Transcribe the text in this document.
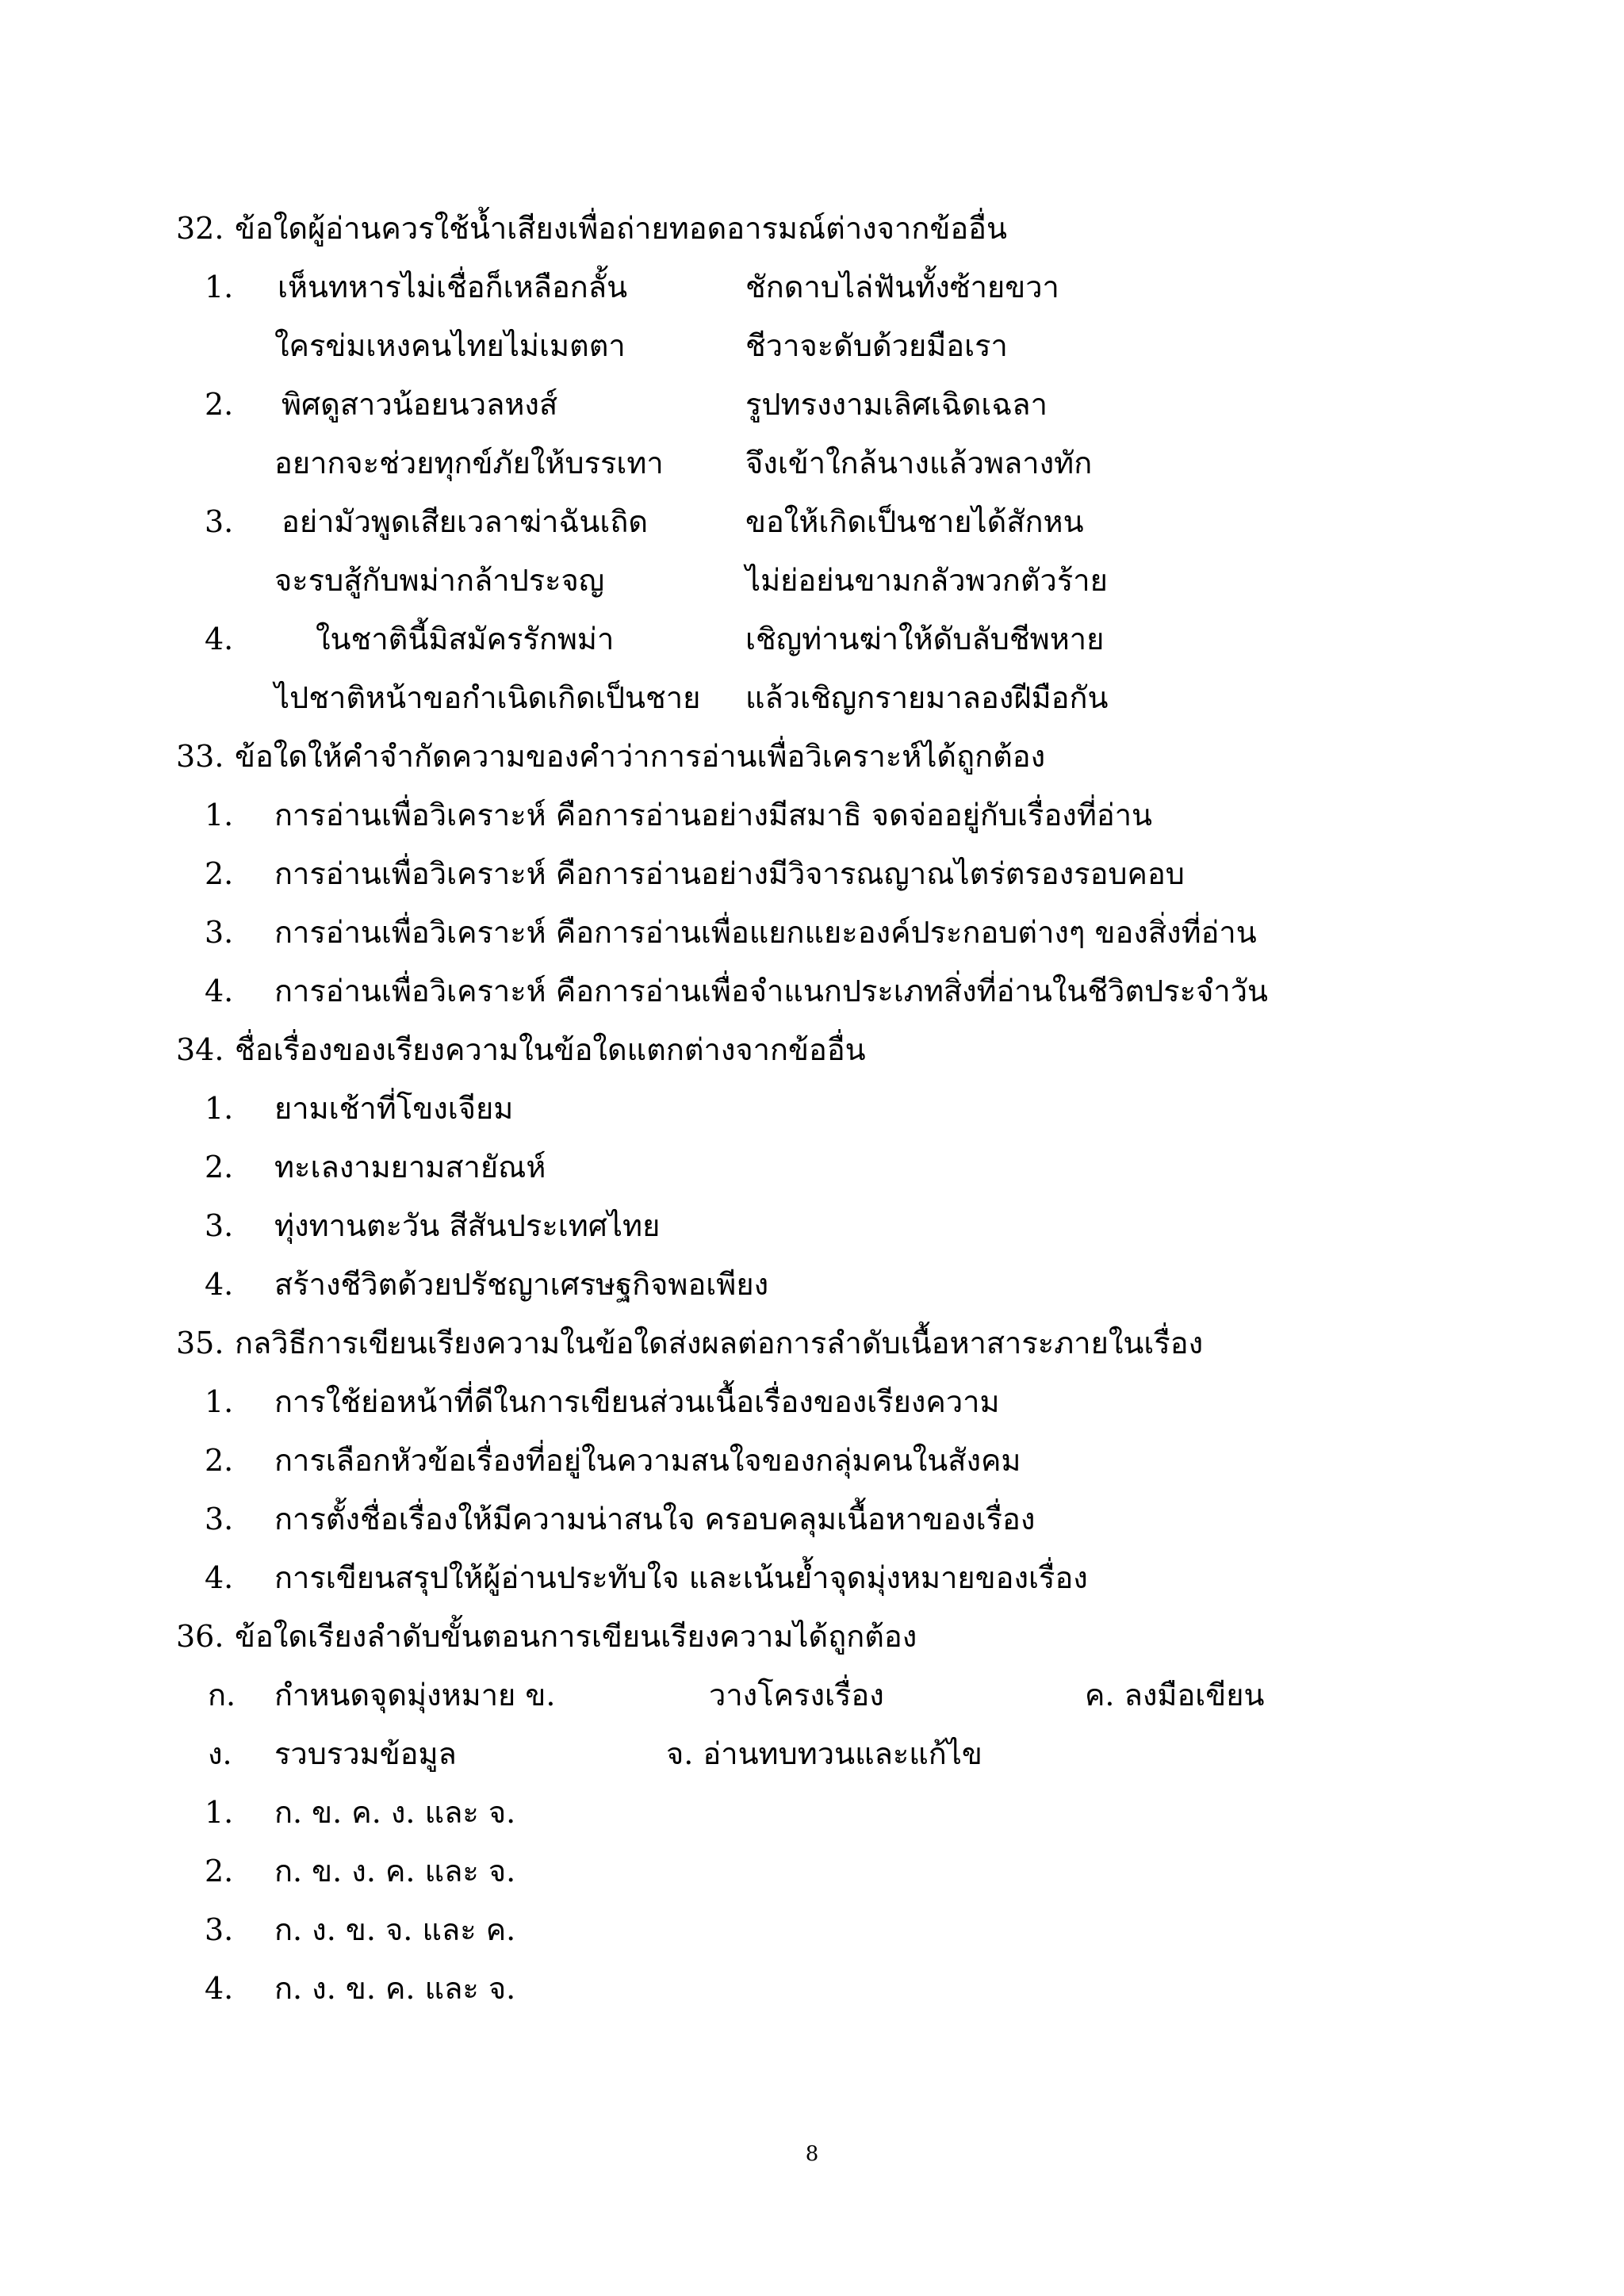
32. ข้อใดผู้อ่านควรใช้น้ำเสียงเพื่อถ่ายทอดอารมณ์ต่างจากข้ออื่น
1. เห็นทหารไม่เชื่อก็เหลือกลั้น	ชักดาบไล่ฟันทั้งซ้ายขวา
ใครข่มเหงคนไทยไม่เมตตา	ชีวาจะดับด้วยมือเรา
2. พิศดูสาวน้อยนวลหงส์	รูปทรงงามเลิศเฉิดเฉลา
อยากจะช่วยทุกข์ภัยให้บรรเทา	จึงเข้าใกล้นางแล้วพลางทัก
3. อย่ามัวพูดเสียเวลาฆ่าฉันเถิด	ขอให้เกิดเป็นชายได้สักหน
จะรบสู้กับพม่ากล้าประจญ	ไม่ย่อย่นขามกลัวพวกตัวร้าย
4.	ในชาตินี้มิสมัครรักพม่า	เชิญท่านฆ่าให้ดับลับชีพหาย
ไปชาติหน้าขอกำเนิดเกิดเป็นชาย แล้วเชิญกรายมาลองฝีมือกัน
33. ข้อใดให้คำจำกัดความของคำว่าการอ่านเพื่อวิเคราะห์ได้ถูกต้อง
1. การอ่านเพื่อวิเคราะห์ คือการอ่านอย่างมีสมาธิ จดจ่ออยู่กับเรื่องที่อ่าน
2. การอ่านเพื่อวิเคราะห์ คือการอ่านอย่างมีวิจารณญาณไตร่ตรองรอบคอบ
3. การอ่านเพื่อวิเคราะห์ คือการอ่านเพื่อแยกแยะองค์ประกอบต่างๆ ของสิ่งที่อ่าน
4. การอ่านเพื่อวิเคราะห์ คือการอ่านเพื่อจำแนกประเภทสิ่งที่อ่านในชีวิตประจำวัน
34. ชื่อเรื่องของเรียงความในข้อใดแตกต่างจากข้ออื่น
1. ยามเช้าที่โขงเจียม
2. ทะเลงามยามสายัณห์
3. ทุ่งทานตะวัน สีสันประเทศไทย
4. สร้างชีวิตด้วยปรัชญาเศรษฐกิจพอเพียง
35. กลวิธีการเขียนเรียงความในข้อใดส่งผลต่อการลำดับเนื้อหาสาระภายในเรื่อง
1. การใช้ย่อหน้าที่ดีในการเขียนส่วนเนื้อเรื่องของเรียงความ
2. การเลือกหัวข้อเรื่องที่อยู่ในความสนใจของกลุ่มคนในสังคม
3. การตั้งชื่อเรื่องให้มีความน่าสนใจ ครอบคลุมเนื้อหาของเรื่อง
4. การเขียนสรุปให้ผู้อ่านประทับใจ และเน้นย้ำจุดมุ่งหมายของเรื่อง
36. ข้อใดเรียงลำดับขั้นตอนการเขียนเรียงความได้ถูกต้อง
ก. กำหนดจุดมุ่งหมาย ข.	วางโครงเรื่อง	ค. ลงมือเขียน
ง. รวบรวมข้อมูล	จ. อ่านทบทวนและแก้ไข
1. ก. ข. ค. ง. และ จ.
2. ก. ข. ง. ค. และ จ.
3. ก. ง. ข. จ. และ ค.
4. ก. ง. ข. ค. และ จ.
8
